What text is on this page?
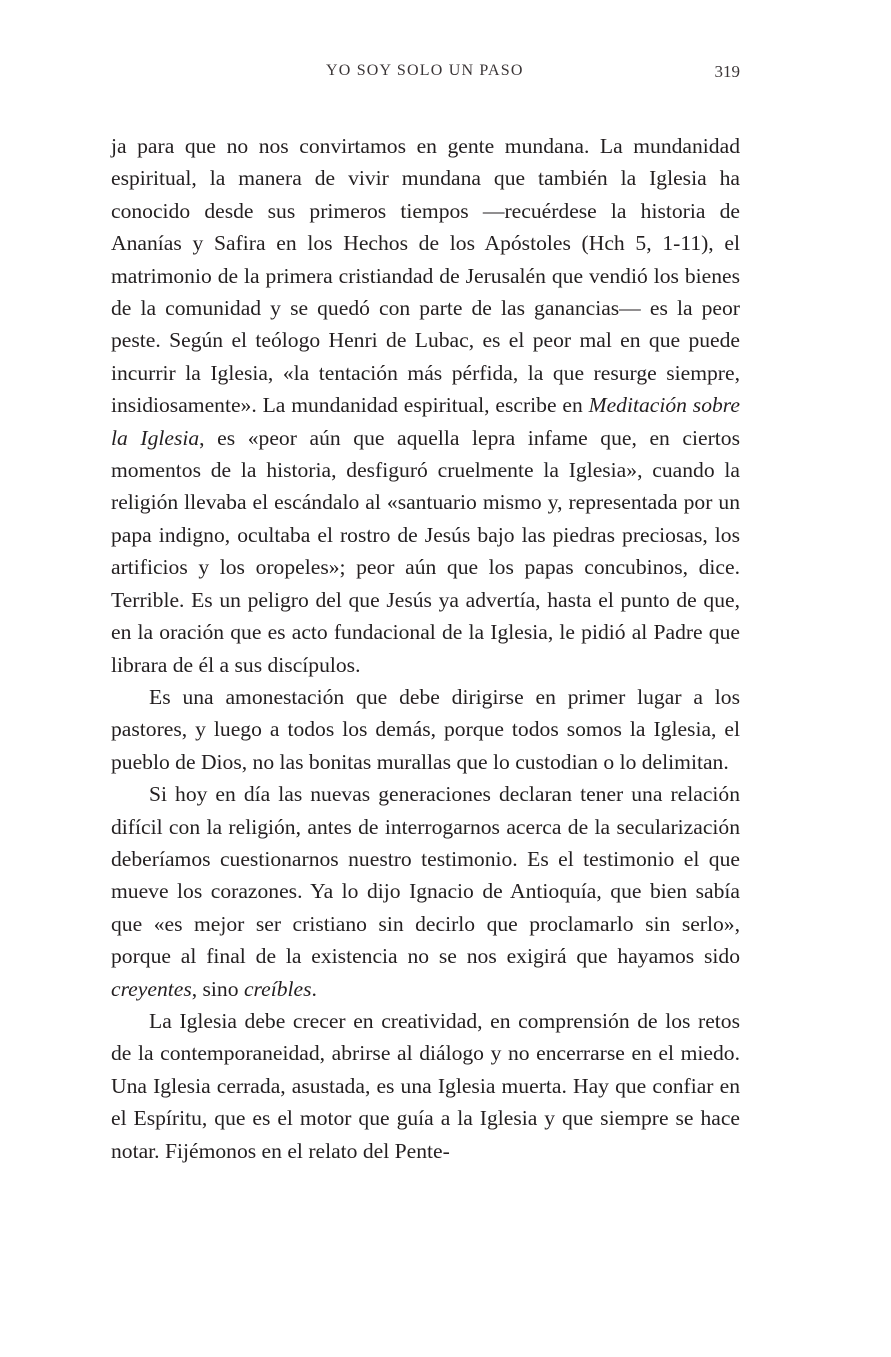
YO SOY SOLO UN PASO	319

ja para que no nos convirtamos en gente mundana. La mundanidad espiritual, la manera de vivir mundana que también la Iglesia ha conocido desde sus primeros tiempos —recuérdese la historia de Ananías y Safira en los Hechos de los Apóstoles (Hch 5, 1-11), el matrimonio de la primera cristiandad de Jerusalén que vendió los bienes de la comunidad y se quedó con parte de las ganancias— es la peor peste. Según el teólogo Henri de Lubac, es el peor mal en que puede incurrir la Iglesia, «la tentación más pérfida, la que resurge siempre, insidiosamente». La mundanidad espiritual, escribe en Meditación sobre la Iglesia, es «peor aún que aquella lepra infame que, en ciertos momentos de la historia, desfiguró cruelmente la Iglesia», cuando la religión llevaba el escándalo al «santuario mismo y, representada por un papa indigno, ocultaba el rostro de Jesús bajo las piedras preciosas, los artificios y los oropeles»; peor aún que los papas concubinos, dice. Terrible. Es un peligro del que Jesús ya advertía, hasta el punto de que, en la oración que es acto fundacional de la Iglesia, le pidió al Padre que librara de él a sus discípulos.

Es una amonestación que debe dirigirse en primer lugar a los pastores, y luego a todos los demás, porque todos somos la Iglesia, el pueblo de Dios, no las bonitas murallas que lo custodian o lo delimitan.

Si hoy en día las nuevas generaciones declaran tener una relación difícil con la religión, antes de interrogarnos acerca de la secularización deberíamos cuestionarnos nuestro testimonio. Es el testimonio el que mueve los corazones. Ya lo dijo Ignacio de Antioquía, que bien sabía que «es mejor ser cristiano sin decirlo que proclamarlo sin serlo», porque al final de la existencia no se nos exigirá que hayamos sido creyentes, sino creíbles.

La Iglesia debe crecer en creatividad, en comprensión de los retos de la contemporaneidad, abrirse al diálogo y no encerrarse en el miedo. Una Iglesia cerrada, asustada, es una Iglesia muerta. Hay que confiar en el Espíritu, que es el motor que guía a la Iglesia y que siempre se hace notar. Fijémonos en el relato del Pente-
